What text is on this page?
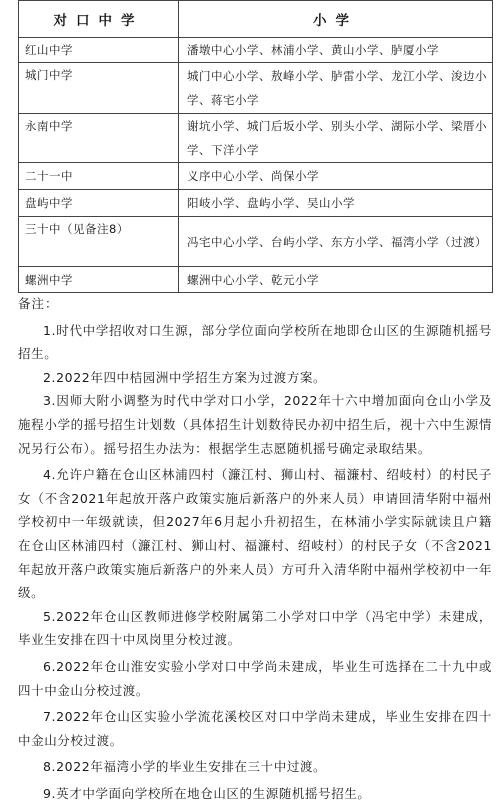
对口中学	小学
红山中学	潘墩中心小学、林浦小学、黄山小学、胪厦小学
城门中学	城门中心小学、敖峰小学、胪雷小学、龙江小学、浚边小学、蒋宅小学
永南中学	谢坑小学、城门后坂小学、别头小学、湖际小学、梁厝小学、下洋小学
二十一中	义序中心小学、尚保小学
盘屿中学	阳岐小学、盘屿小学、吴山小学
三十中（见备注8）	冯宅中心小学、台屿小学、东方小学、福湾小学（过渡）
螺洲中学	螺洲中心小学、乾元小学
备注：

1.时代中学招收对口生源，部分学位面向学校所在地即仓山区的生源随机摇号招生。

2.2022年四中桔园洲中学招生方案为过渡方案。

3.因师大附小调整为时代中学对口小学，2022年十六中增加面向仓山小学及施程小学的摇号招生计划数（具体招生计划数待民办初中招生后，视十六中生源情况另行公布）。摇号招生办法为：根据学生志愿随机摇号确定录取结果。

4.允许户籍在仓山区林浦四村（濂江村、狮山村、福濂村、绍岐村）的村民子女（不含2021年起放开落户政策实施后新落户的外来人员）申请回清华附中福州学校初中一年级就读，但2027年6月起小升初招生，在林浦小学实际就读且户籍在仓山区林浦四村（濂江村、狮山村、福濂村、绍岐村）的村民子女（不含2021年起放开落户政策实施后新落户的外来人员）方可升入清华附中福州学校初中一年级。

5.2022年仓山区教师进修学校附属第二小学对口中学（冯宅中学）未建成，毕业生安排在四十中凤岗里分校过渡。

6.2022年仓山淮安实验小学对口中学尚未建成，毕业生可选择在二十九中或四十中金山分校过渡。

7.2022年仓山区实验小学流花溪校区对口中学尚未建成，毕业生安排在四十中金山分校过渡。

8.2022年福湾小学的毕业生安排在三十中过渡。

9.英才中学面向学校所在地仓山区的生源随机摇号招生。
